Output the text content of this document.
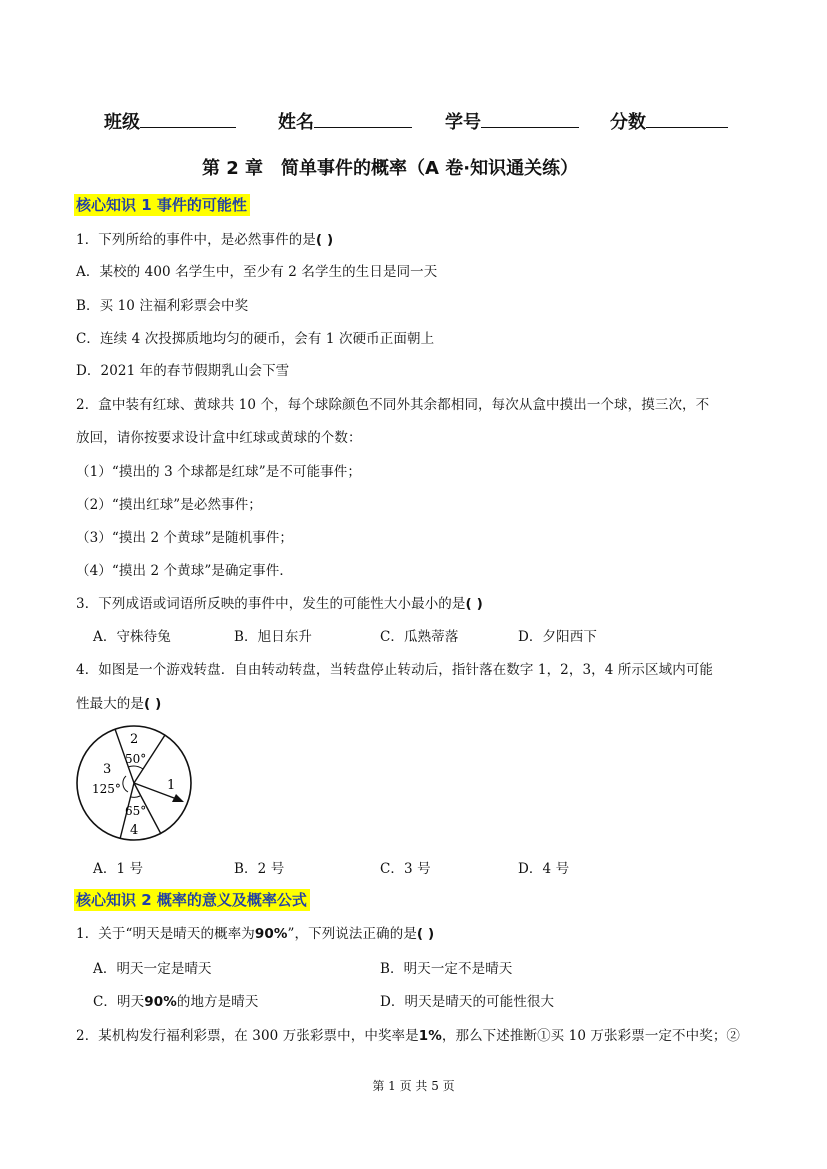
班级	姓名	学号	分数
第 2 章　简单事件的概率（A 卷·知识通关练）
核心知识 1 事件的可能性
1．下列所给的事件中，是必然事件的是( )
A．某校的 400 名学生中，至少有 2 名学生的生日是同一天
B．买 10 注福利彩票会中奖
C．连续 4 次投掷质地均匀的硬币，会有 1 次硬币正面朝上
D．2021 年的春节假期乳山会下雪
2．盒中装有红球、黄球共 10 个，每个球除颜色不同外其余都相同，每次从盒中摸出一个球，摸三次，不
放回，请你按要求设计盒中红球或黄球的个数：
（1）“摸出的 3 个球都是红球”是不可能事件；
（2）“摸出红球”是必然事件；
（3）“摸出 2 个黄球”是随机事件；
（4）“摸出 2 个黄球”是确定事件．
3．下列成语或词语所反映的事件中，发生的可能性大小最小的是( )
A．守株待兔	B．旭日东升	C．瓜熟蒂落	D．夕阳西下
4．如图是一个游戏转盘．自由转动转盘，当转盘停止转动后，指针落在数字 1，2，3，4 所示区域内可能
性最大的是( )
2
50°
3
125°	1
65°
4
A．1 号	B．2 号	C．3 号	D．4 号
核心知识 2 概率的意义及概率公式
1．关于“明天是晴天的概率为90%”，下列说法正确的是( )
A．明天一定是晴天	B．明天一定不是晴天
C．明天90%的地方是晴天	D．明天是晴天的可能性很大
2．某机构发行福利彩票，在 300 万张彩票中，中奖率是1%，那么下述推断①买 10 万张彩票一定不中奖；②
第 1 页 共 5 页
